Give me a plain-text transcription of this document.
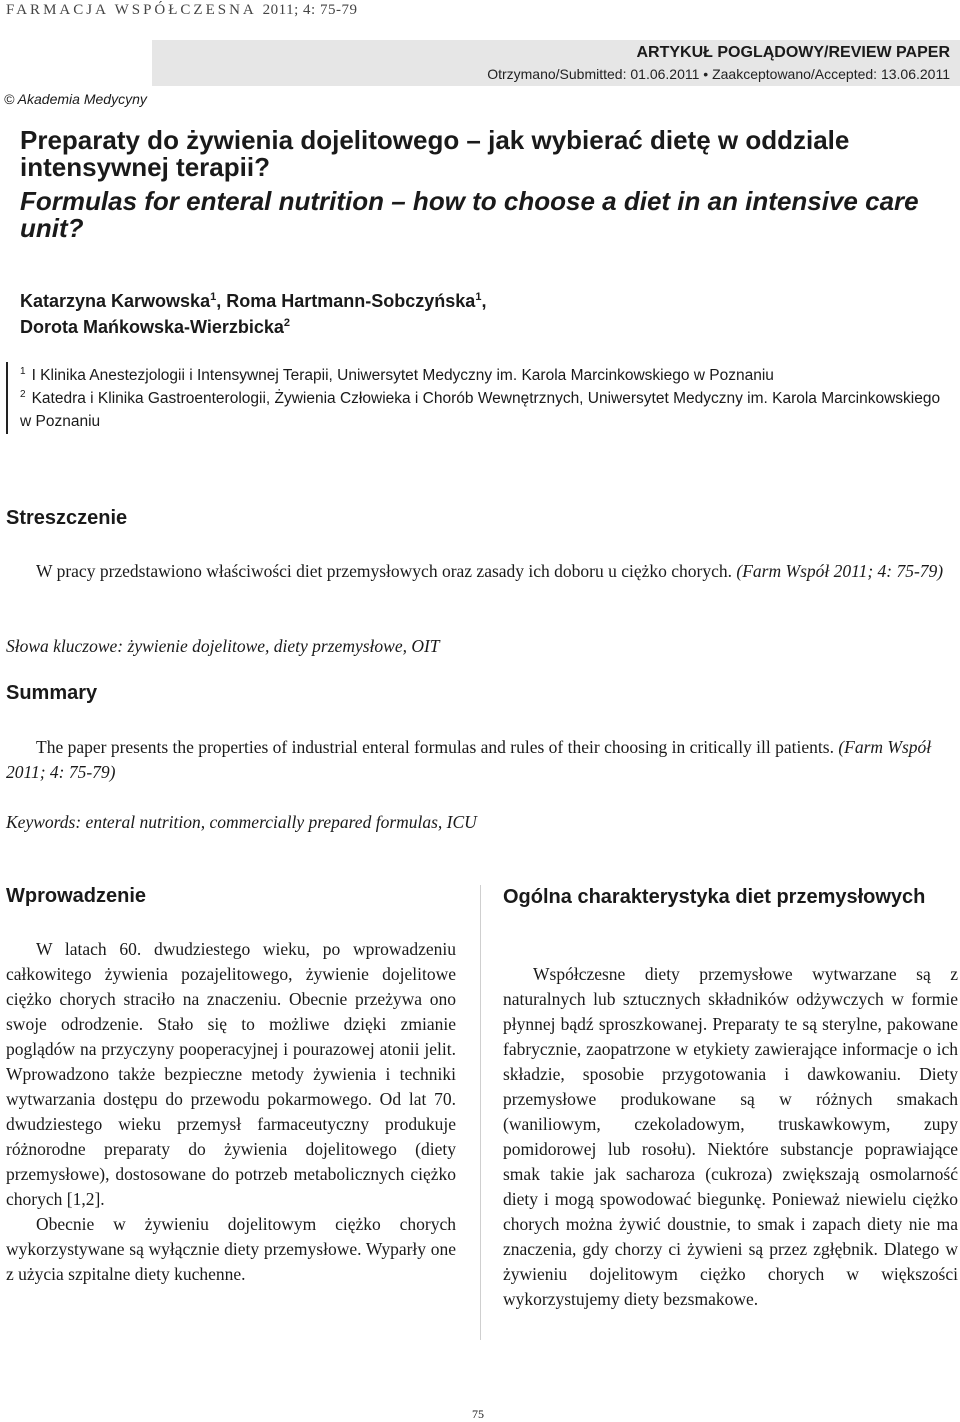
FARMACJA WSPÓŁCZESNA 2011; 4: 75-79
ARTYKUŁ POGLĄDOWY/REVIEW PAPER
Otrzymano/Submitted: 01.06.2011 • Zaakceptowano/Accepted: 13.06.2011
© Akademia Medycyny
Preparaty do żywienia dojelitowego – jak wybierać dietę w oddziale intensywnej terapii?
Formulas for enteral nutrition – how to choose a diet in an intensive care unit?
Katarzyna Karwowska$^1$, Roma Hartmann-Sobczyńska$^1$,
Dorota Mańkowska-Wierzbicka$^2$
$^1$ I Klinika Anestezjologii i Intensywnej Terapii, Uniwersytet Medyczny im. Karola Marcinkowskiego w Poznaniu
$^2$ Katedra i Klinika Gastroenterologii, Żywienia Człowieka i Chorób Wewnętrznych, Uniwersytet Medyczny im. Karola Marcinkowskiego w Poznaniu
Streszczenie

W pracy przedstawiono właściwości diet przemysłowych oraz zasady ich doboru u ciężko chorych. (Farm Współ 2011; 4: 75-79)

Słowa kluczowe: żywienie dojelitowe, diety przemysłowe, OIT

Summary

The paper presents the properties of industrial enteral formulas and rules of their choosing in critically ill patients. (Farm Współ 2011; 4: 75-79)

Keywords: enteral nutrition, commercially prepared formulas, ICU

Wprowadzenie

W latach 60. dwudziestego wieku, po wprowadzeniu całkowitego żywienia pozajelitowego, żywienie dojelitowe ciężko chorych straciło na znaczeniu. Obecnie przeżywa ono swoje odrodzenie. Stało się to możliwe dzięki zmianie poglądów na przyczyny pooperacyjnej i pourazowej atonii jelit. Wprowadzono także bezpieczne metody żywienia i techniki wytwarzania dostępu do przewodu pokarmowego. Od lat 70. dwudziestego wieku przemysł farmaceutyczny produkuje różnorodne preparaty do żywienia dojelitowego (diety przemysłowe), dostosowane do potrzeb metabolicznych ciężko chorych [1,2].

Obecnie w żywieniu dojelitowym ciężko chorych wykorzystywane są wyłącznie diety przemysłowe. Wyparły one z użycia szpitalne diety kuchenne.

Ogólna charakterystyka diet przemysłowych

Współczesne diety przemysłowe wytwarzane są z naturalnych lub sztucznych składników odżywczych w formie płynnej bądź sproszkowanej. Preparaty te są sterylne, pakowane fabrycznie, zaopatrzone w etykiety zawierające informacje o ich składzie, sposobie przygotowania i dawkowaniu. Diety przemysłowe produkowane są w różnych smakach (waniliowym, czekoladowym, truskawkowym, zupy pomidorowej lub rosołu). Niektóre substancje poprawiające smak takie jak sacharoza (cukroza) zwiększają osmolarność diety i mogą spowodować biegunkę. Ponieważ niewielu ciężko chorych można żywić doustnie, to smak i zapach diety nie ma znaczenia, gdy chorzy ci żywieni są przez zgłębnik. Dlatego w żywieniu dojelitowym ciężko chorych w większości wykorzystujemy diety bezsmakowe.

75
